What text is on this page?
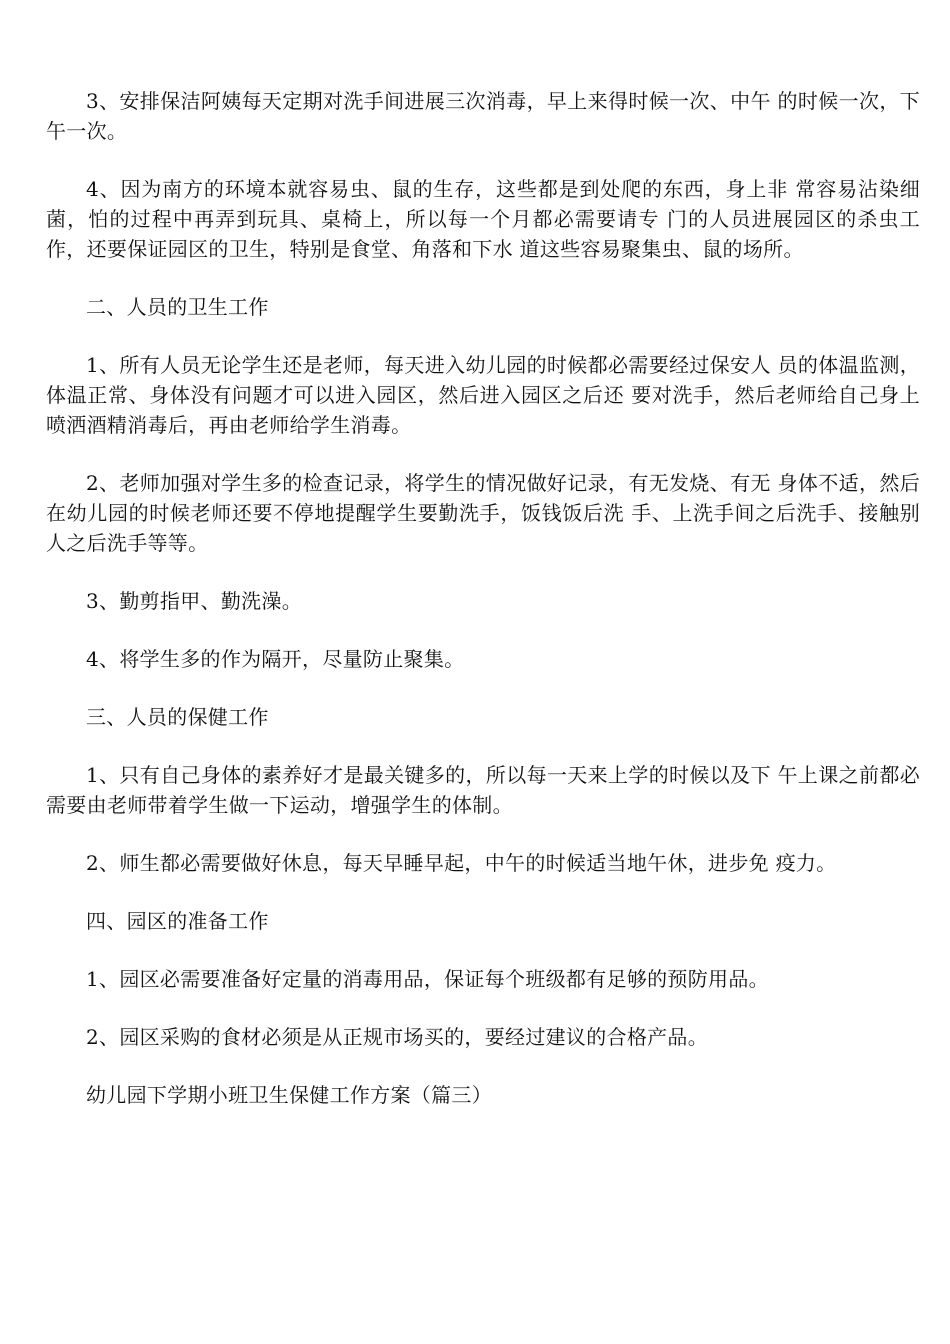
3、安排保洁阿姨每天定期对洗手间进展三次消毒，早上来得时候一次、中午 的时候一次，下午一次。

4、因为南方的环境本就容易虫、鼠的生存，这些都是到处爬的东西，身上非 常容易沾染细菌，怕的过程中再弄到玩具、桌椅上，所以每一个月都必需要请专 门的人员进展园区的杀虫工作，还要保证园区的卫生，特别是食堂、角落和下水 道这些容易聚集虫、鼠的场所。

二、人员的卫生工作

1、所有人员无论学生还是老师，每天进入幼儿园的时候都必需要经过保安人 员的体温监测，体温正常、身体没有问题才可以进入园区，然后进入园区之后还 要对洗手，然后老师给自己身上喷洒酒精消毒后，再由老师给学生消毒。

2、老师加强对学生多的检查记录，将学生的情况做好记录，有无发烧、有无 身体不适，然后在幼儿园的时候老师还要不停地提醒学生要勤洗手，饭钱饭后洗 手、上洗手间之后洗手、接触别人之后洗手等等。

3、勤剪指甲、勤洗澡。

4、将学生多的作为隔开，尽量防止聚集。

三、人员的保健工作

1、只有自己身体的素养好才是最关键多的，所以每一天来上学的时候以及下 午上课之前都必需要由老师带着学生做一下运动，增强学生的体制。

2、师生都必需要做好休息，每天早睡早起，中午的时候适当地午休，进步免 疫力。

四、园区的准备工作

1、园区必需要准备好定量的消毒用品，保证每个班级都有足够的预防用品。

2、园区采购的食材必须是从正规市场买的，要经过建议的合格产品。

幼儿园下学期小班卫生保健工作方案（篇三）
